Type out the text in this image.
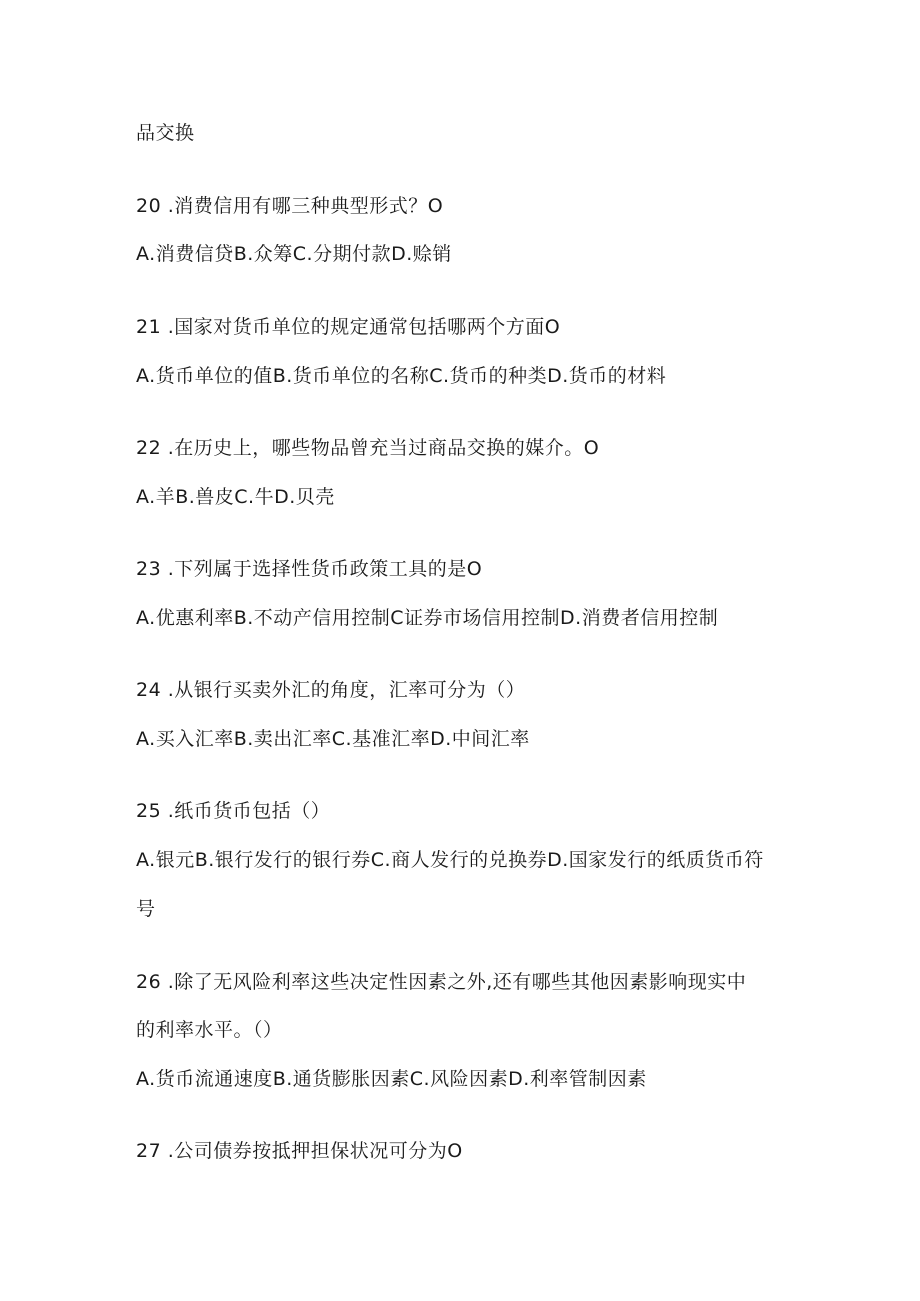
品交换
20 .消费信用有哪三种典型形式？O
A.消费信贷B.众筹C.分期付款D.赊销
21 .国家对货币单位的规定通常包括哪两个方面O
A.货币单位的值B.货币单位的名称C.货币的种类D.货币的材料
22 .在历史上，哪些物品曾充当过商品交换的媒介。O
A.羊B.兽皮C.牛D.贝壳
23 .下列属于选择性货币政策工具的是O
A.优惠利率B.不动产信用控制C证券市场信用控制D.消费者信用控制
24 .从银行买卖外汇的角度，汇率可分为（）
A.买入汇率B.卖出汇率C.基准汇率D.中间汇率
25 .纸币货币包括（）
A.银元B.银行发行的银行券C.商人发行的兑换券D.国家发行的纸质货币符
号
26 .除了无风险利率这些决定性因素之外,还有哪些其他因素影响现实中
的利率水平。（）
A.货币流通速度B.通货膨胀因素C.风险因素D.利率管制因素
27 .公司债券按抵押担保状况可分为O
